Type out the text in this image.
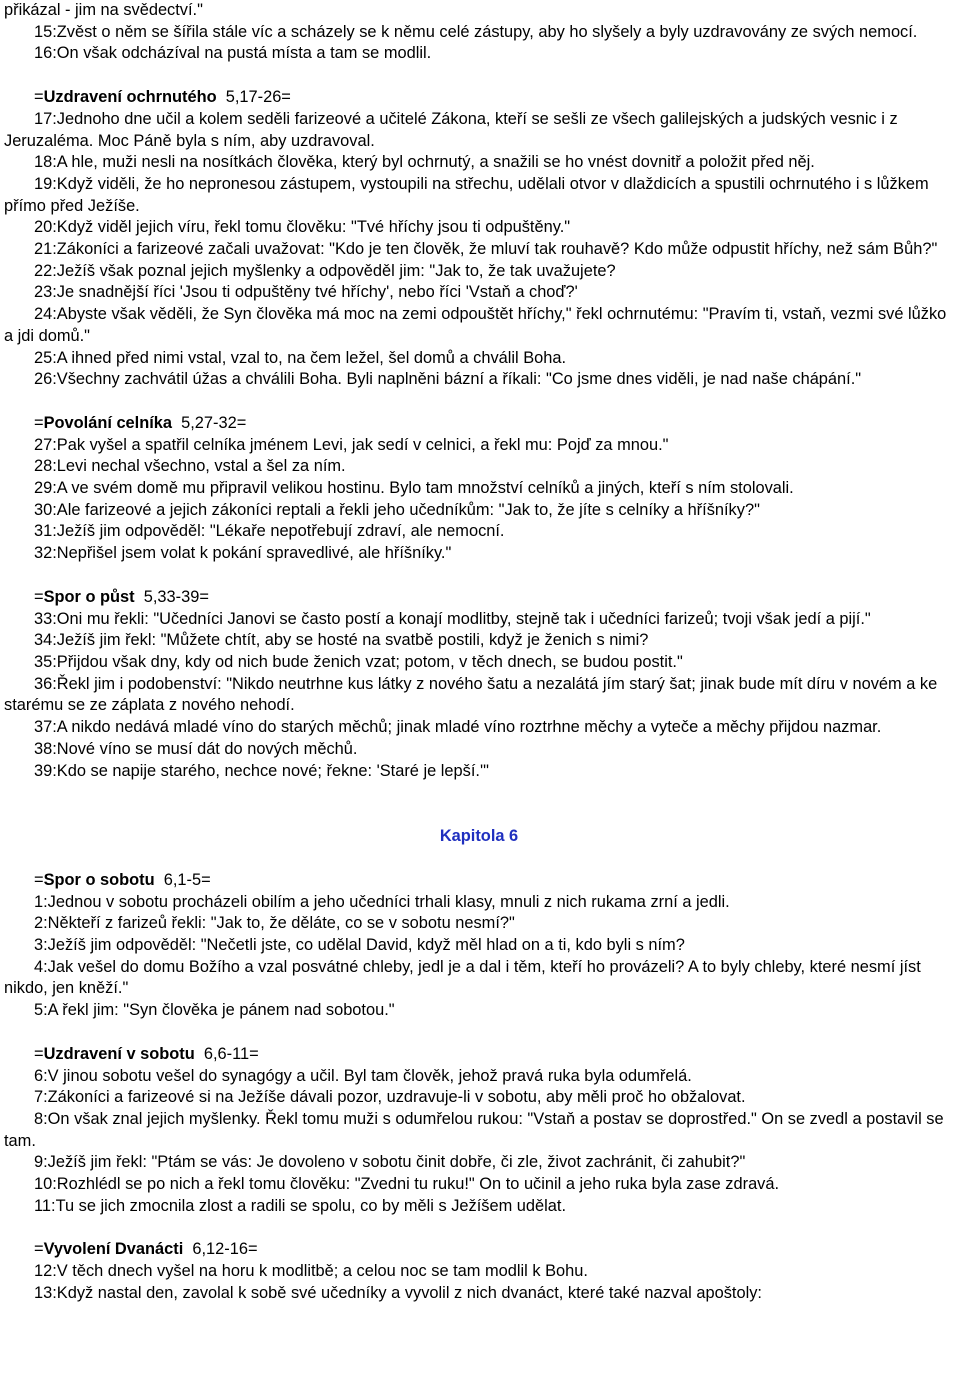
přikázal - jim na svědectví."

15:Zvěst o něm se šířila stále víc a scházely se k němu celé zástupy, aby ho slyšely a byly uzdravovány ze svých nemocí.

16:On však odcházíval na pustá místa a tam se modlil.

=Uzdravení ochrnutého 5,17-26=

17:Jednoho dne učil a kolem seděli farizeové a učitelé Zákona, kteří se sešli ze všech galilejských a judských vesnic i z Jeruzaléma. Moc Páně byla s ním, aby uzdravoval.

18:A hle, muži nesli na nosítkách člověka, který byl ochrnutý, a snažili se ho vnést dovnitř a položit před něj.

19:Když viděli, že ho nepronesou zástupem, vystoupili na střechu, udělali otvor v dlaždicích a spustili ochrnutého i s lůžkem přímo před Ježíše.

20:Když viděl jejich víru, řekl tomu člověku: "Tvé hříchy jsou ti odpuštěny."

21:Zákoníci a farizeové začali uvažovat: "Kdo je ten člověk, že mluví tak rouhavě? Kdo může odpustit hříchy, než sám Bůh?"

22:Ježíš však poznal jejich myšlenky a odpověděl jim: "Jak to, že tak uvažujete?

23:Je snadnější říci 'Jsou ti odpuštěny tvé hříchy', nebo říci 'Vstaň a choď?'

24:Abyste však věděli, že Syn člověka má moc na zemi odpouštět hříchy," řekl ochrnutému: "Pravím ti, vstaň, vezmi své lůžko a jdi domů."

25:A ihned před nimi vstal, vzal to, na čem ležel, šel domů a chválil Boha.

26:Všechny zachvátil úžas a chválili Boha. Byli naplněni bázní a říkali: "Co jsme dnes viděli, je nad naše chápání."

=Povolání celníka 5,27-32=

27:Pak vyšel a spatřil celníka jménem Levi, jak sedí v celnici, a řekl mu: Pojď za mnou."

28:Levi nechal všechno, vstal a šel za ním.

29:A ve svém domě mu připravil velikou hostinu. Bylo tam množství celníků a jiných, kteří s ním stolovali.

30:Ale farizeové a jejich zákoníci reptali a řekli jeho učedníkům: "Jak to, že jíte s celníky a hříšníky?"

31:Ježíš jim odpověděl: "Lékaře nepotřebují zdraví, ale nemocní.

32:Nepřišel jsem volat k pokání spravedlivé, ale hříšníky."

=Spor o půst 5,33-39=

33:Oni mu řekli: "Učedníci Janovi se často postí a konají modlitby, stejně tak i učedníci farizeů; tvoji však jedí a pijí."

34:Ježíš jim řekl: "Můžete chtít, aby se hosté na svatbě postili, když je ženich s nimi?

35:Přijdou však dny, kdy od nich bude ženich vzat; potom, v těch dnech, se budou postit."

36:Řekl jim i podobenství: "Nikdo neutrhne kus látky z nového šatu a nezalátá jím starý šat; jinak bude mít díru v novém a ke starému se ze záplata z nového nehodí.

37:A nikdo nedává mladé víno do starých měchů; jinak mladé víno roztrhne měchy a vyteče a měchy přijdou nazmar.

38:Nové víno se musí dát do nových měchů.

39:Kdo se napije starého, nechce nové; řekne: 'Staré je lepší.'"

Kapitola 6

=Spor o sobotu 6,1-5=

1:Jednou v sobotu procházeli obilím a jeho učedníci trhali klasy, mnuli z nich rukama zrní a jedli.

2:Někteří z farizeů řekli: "Jak to, že děláte, co se v sobotu nesmí?"

3:Ježíš jim odpověděl: "Nečetli jste, co udělal David, když měl hlad on a ti, kdo byli s ním?

4:Jak vešel do domu Božího a vzal posvátné chleby, jedl je a dal i těm, kteří ho provázeli? A to byly chleby, které nesmí jíst nikdo, jen kněží."

5:A řekl jim: "Syn člověka je pánem nad sobotou."

=Uzdravení v sobotu 6,6-11=

6:V jinou sobotu vešel do synagógy a učil. Byl tam člověk, jehož pravá ruka byla odumřelá.

7:Zákoníci a farizeové si na Ježíše dávali pozor, uzdravuje-li v sobotu, aby měli proč ho obžalovat.

8:On však znal jejich myšlenky. Řekl tomu muži s odumřelou rukou: "Vstaň a postav se doprostřed." On se zvedl a postavil se tam.

9:Ježíš jim řekl: "Ptám se vás: Je dovoleno v sobotu činit dobře, či zle, život zachránit, či zahubit?"

10:Rozhlédl se po nich a řekl tomu člověku: "Zvedni tu ruku!" On to učinil a jeho ruka byla zase zdravá.

11:Tu se jich zmocnila zlost a radili se spolu, co by měli s Ježíšem udělat.

=Vyvolení Dvanácti 6,12-16=

12:V těch dnech vyšel na horu k modlitbě; a celou noc se tam modlil k Bohu.

13:Když nastal den, zavolal k sobě své učedníky a vyvolil z nich dvanáct, které také nazval apoštoly:
